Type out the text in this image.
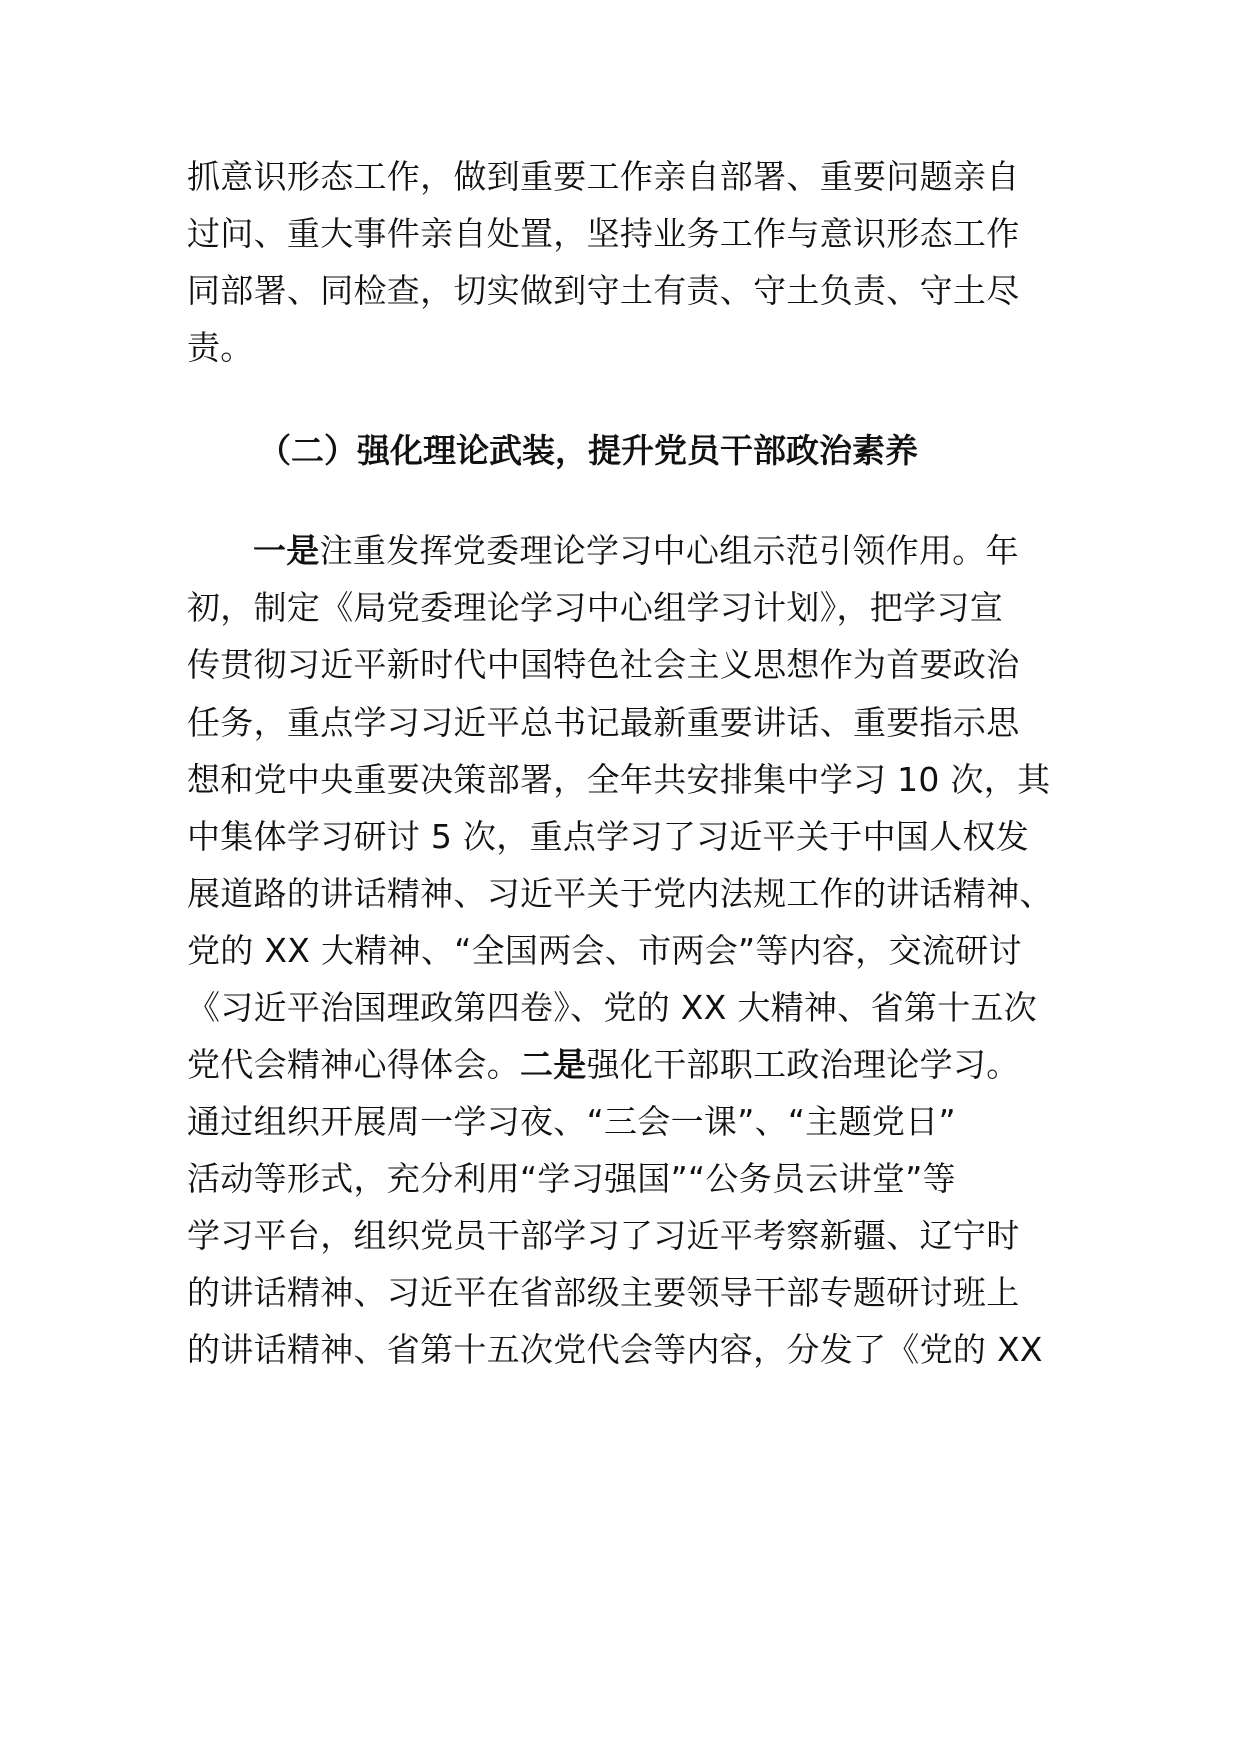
抓意识形态工作，做到重要工作亲自部署、重要问题亲自
过问、重大事件亲自处置，坚持业务工作与意识形态工作
同部署、同检查，切实做到守土有责、守土负责、守土尽
责。
（二）强化理论武装，提升党员干部政治素养
一是注重发挥党委理论学习中心组示范引领作用。年
初，制定《局党委理论学习中心组学习计划》，把学习宣
传贯彻习近平新时代中国特色社会主义思想作为首要政治
任务，重点学习习近平总书记最新重要讲话、重要指示思
想和党中央重要决策部署，全年共安排集中学习 10 次，其
中集体学习研讨 5 次，重点学习了习近平关于中国人权发
展道路的讲话精神、习近平关于党内法规工作的讲话精神、
党的 XX 大精神、“全国两会、市两会”等内容，交流研讨
《习近平治国理政第四卷》、党的 XX 大精神、省第十五次
党代会精神心得体会。二是强化干部职工政治理论学习。
通过组织开展周一学习夜、“三会一课”、“主题党日”
活动等形式，充分利用“学习强国”“公务员云讲堂”等
学习平台，组织党员干部学习了习近平考察新疆、辽宁时
的讲话精神、习近平在省部级主要领导干部专题研讨班上
的讲话精神、省第十五次党代会等内容，分发了《党的 XX
